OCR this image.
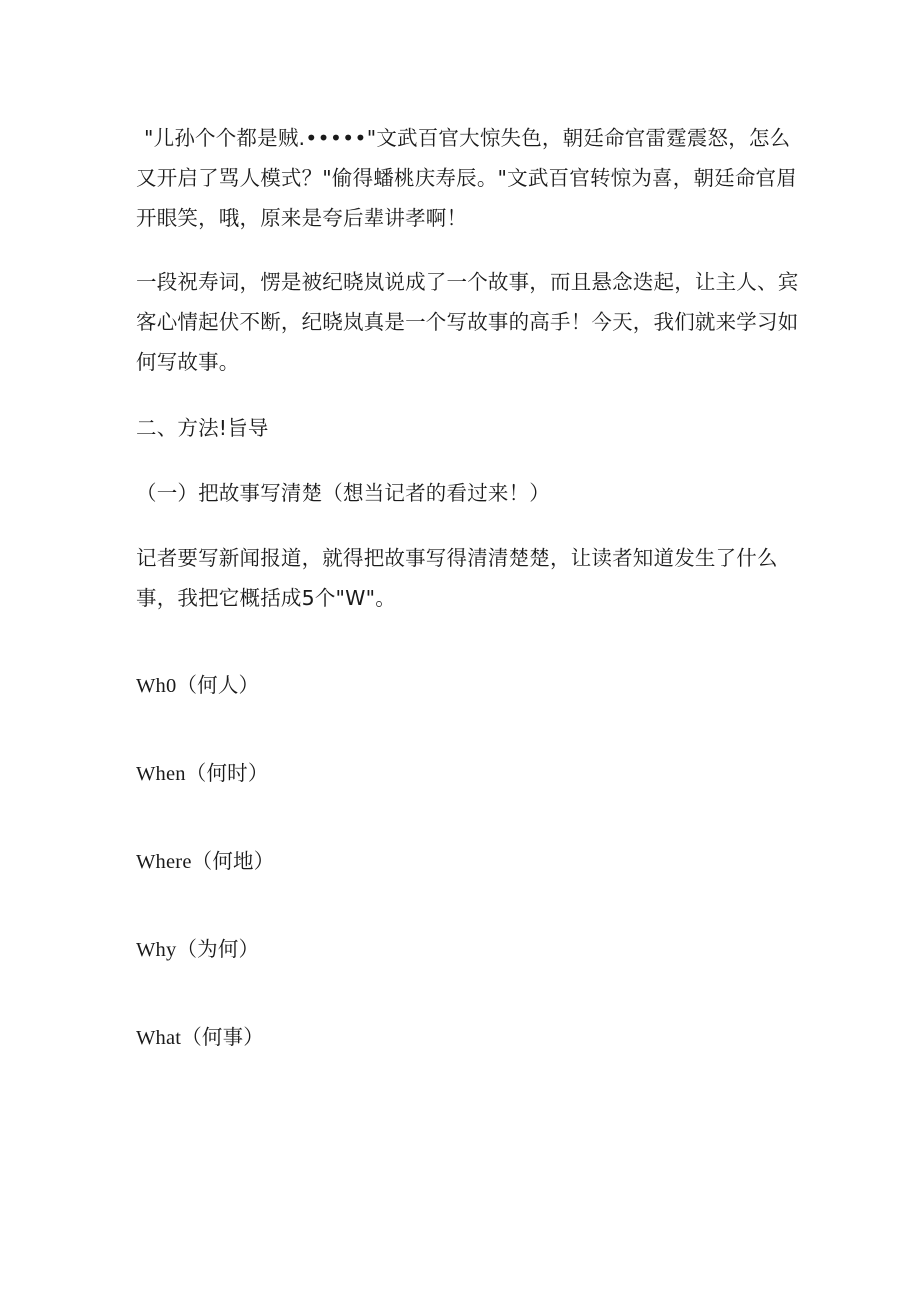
"儿孙个个都是贼.•••••"文武百官大惊失色，朝廷命官雷霆震怒，怎么又开启了骂人模式？"偷得蟠桃庆寿辰。"文武百官转惊为喜，朝廷命官眉开眼笑，哦，原来是夸后辈讲孝啊！

一段祝寿词，愣是被纪晓岚说成了一个故事，而且悬念迭起，让主人、宾客心情起伏不断，纪晓岚真是一个写故事的高手！今天，我们就来学习如何写故事。

二、方法!旨导

（一）把故事写清楚（想当记者的看过来！）

记者要写新闻报道，就得把故事写得清清楚楚，让读者知道发生了什么事，我把它概括成5个"W"。

Wh0（何人）

When（何时）

Where（何地）

Why（为何）

What（何事）
